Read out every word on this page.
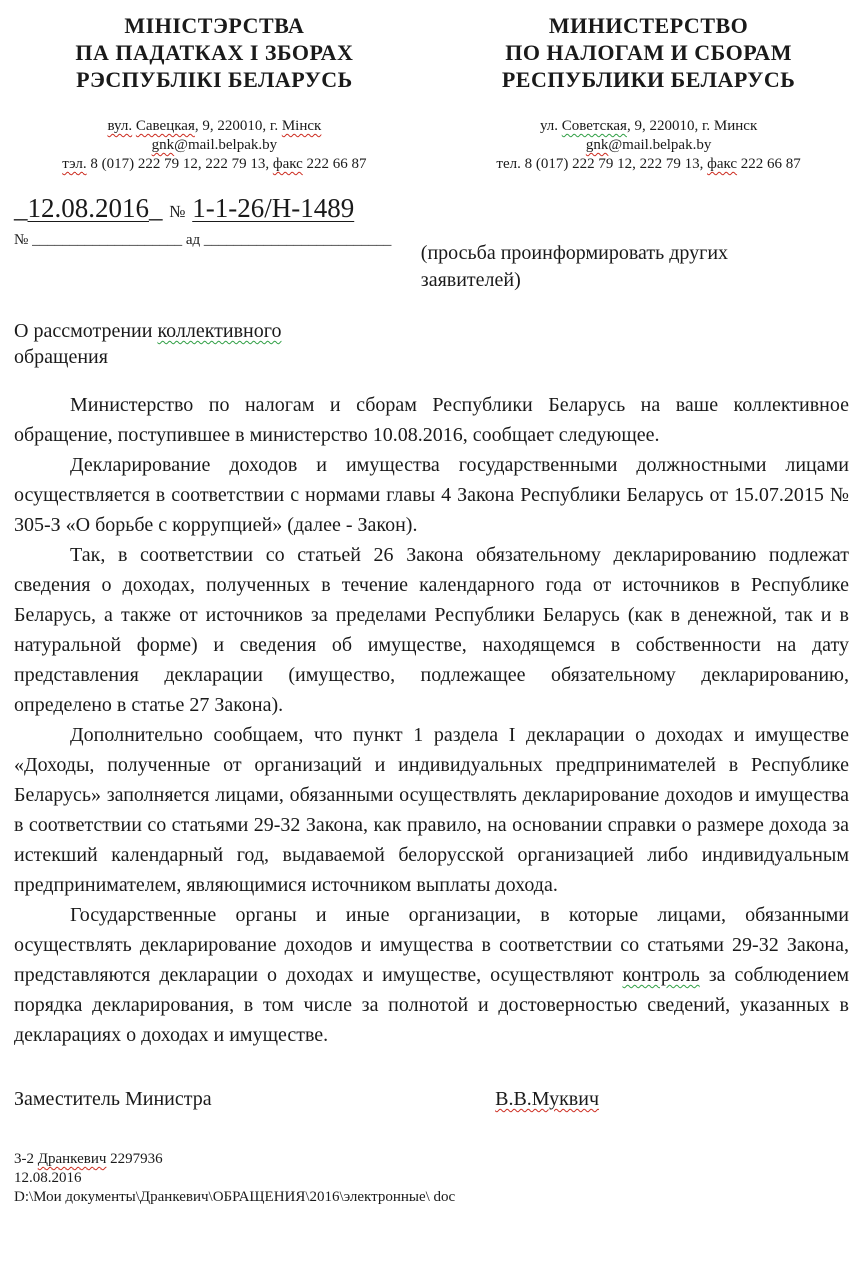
МІНІСТЭРСТВА
ПА ПАДАТКАХ І ЗБОРАХ
РЭСПУБЛІКІ БЕЛАРУСЬ
вул. Савецкая, 9, 220010, г. Мінск
gnk@mail.belpak.by
тэл. 8 (017) 222 79 12, 222 79 13, факс 222 66 87
МИНИСТЕРСТВО
ПО НАЛОГАМ И СБОРАМ
РЕСПУБЛИКИ БЕЛАРУСЬ
ул. Советская, 9, 220010, г. Минск
gnk@mail.belpak.by
тел. 8 (017) 222 79 12, 222 79 13, факс 222 66 87
_12.08.2016_ № 1-1-26/Н-1489
№ ____________________ ад _________________________
(просьба проинформировать других заявителей)
О рассмотрении коллективного обращения

Министерство по налогам и сборам Республики Беларусь на ваше коллективное обращение, поступившее в министерство 10.08.2016, сообщает следующее.

Декларирование доходов и имущества государственными должностными лицами осуществляется в соответствии с нормами главы 4 Закона Республики Беларусь от 15.07.2015 № 305-З «О борьбе с коррупцией» (далее - Закон).

Так, в соответствии со статьей 26 Закона обязательному декларированию подлежат сведения о доходах, полученных в течение календарного года от источников в Республике Беларусь, а также от источников за пределами Республики Беларусь (как в денежной, так и в натуральной форме) и сведения об имуществе, находящемся в собственности на дату представления декларации (имущество, подлежащее обязательному декларированию, определено в статье 27 Закона).

Дополнительно сообщаем, что пункт 1 раздела I декларации о доходах и имуществе «Доходы, полученные от организаций и индивидуальных предпринимателей в Республике Беларусь» заполняется лицами, обязанными осуществлять декларирование доходов и имущества в соответствии со статьями 29-32 Закона, как правило, на основании справки о размере дохода за истекший календарный год, выдаваемой белорусской организацией либо индивидуальным предпринимателем, являющимися источником выплаты дохода.

Государственные органы и иные организации, в которые лицами, обязанными осуществлять декларирование доходов и имущества в соответствии со статьями 29-32 Закона, представляются декларации о доходах и имуществе, осуществляют контроль за соблюдением порядка декларирования, в том числе за полнотой и достоверностью сведений, указанных в декларациях о доходах и имуществе.

Заместитель Министра	В.В.Муквич
3-2 Дранкевич 2297936
12.08.2016
D:\Мои документы\Дранкевич\ОБРАЩЕНИЯ\2016\электронные\ doc
